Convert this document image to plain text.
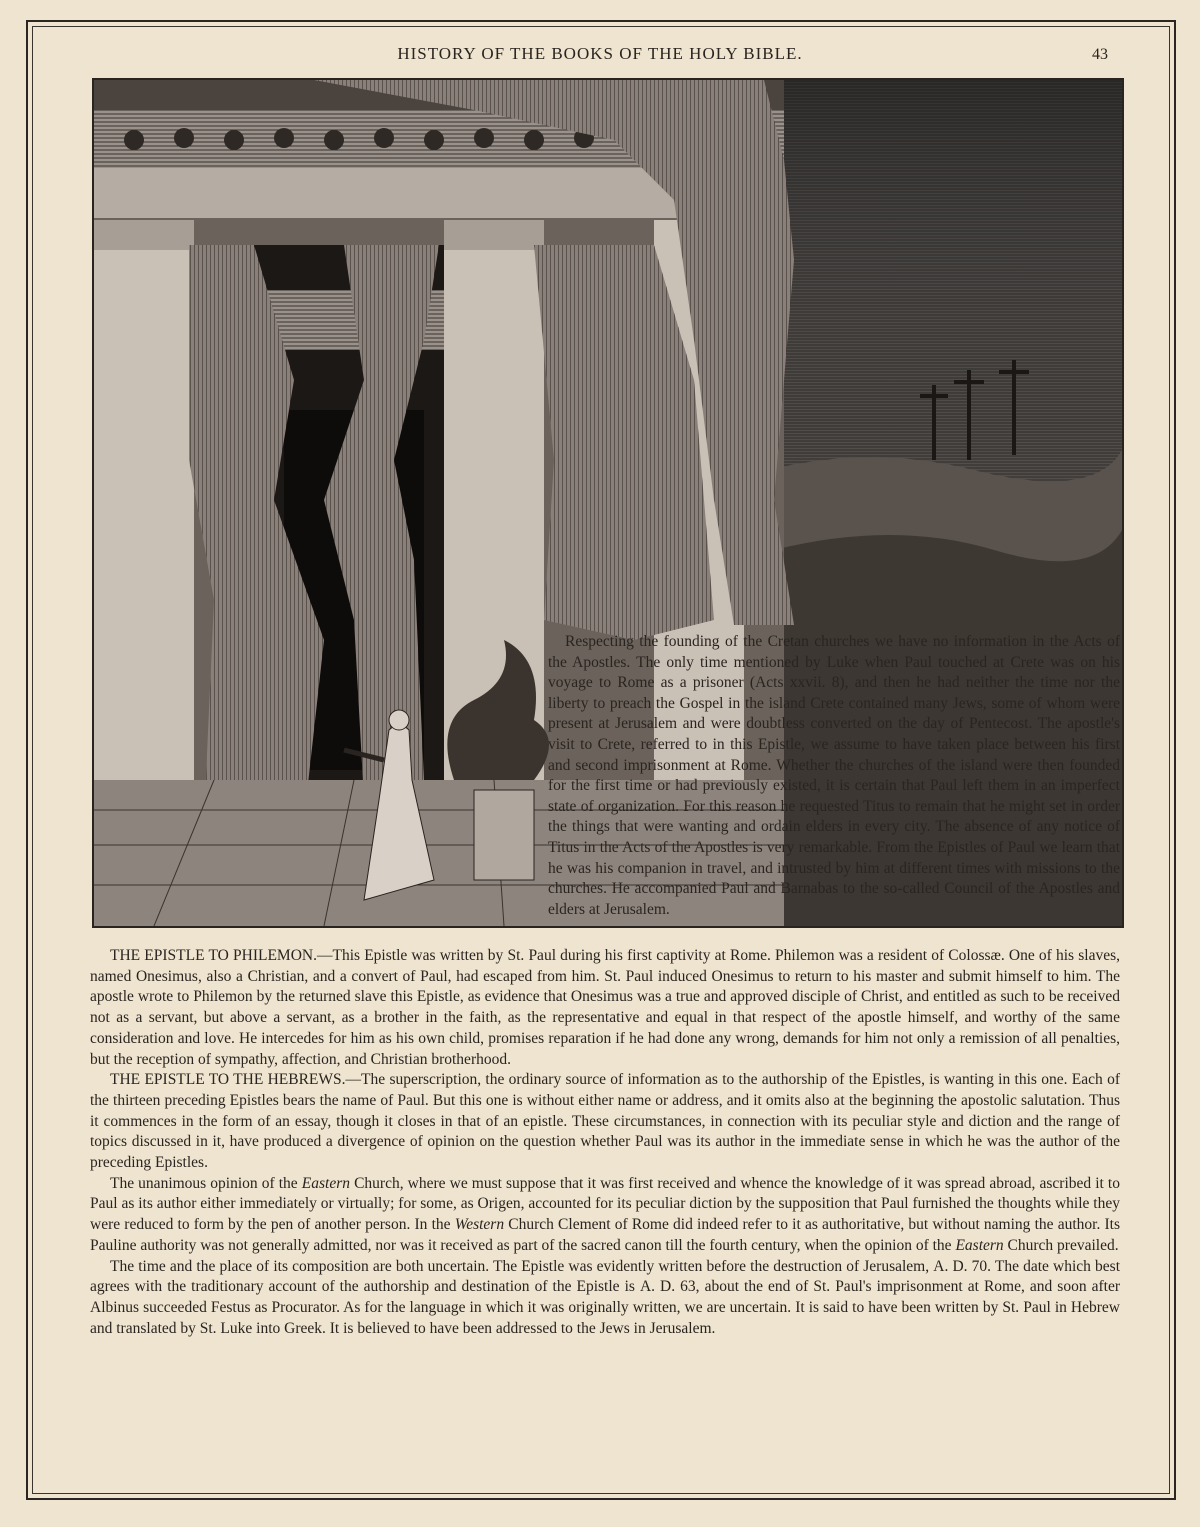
HISTORY OF THE BOOKS OF THE HOLY BIBLE.	43

Respecting the founding of the Cretan churches we have no information in the Acts of the Apostles. The only time mentioned by Luke when Paul touched at Crete was on his voyage to Rome as a prisoner (Acts xxvii. 8), and then he had neither the time nor the liberty to preach the Gospel in the island Crete contained many Jews, some of whom were present at Jerusalem and were doubtless converted on the day of Pentecost. The apostle's visit to Crete, referred to in this Epistle, we assume to have taken place between his first and second imprisonment at Rome. Whether the churches of the island were then founded for the first time or had previously existed, it is certain that Paul left them in an imperfect state of organization. For this reason he requested Titus to remain that he might set in order the things that were wanting and ordain elders in every city. The absence of any notice of Titus in the Acts of the Apostles is very remarkable. From the Epistles of Paul we learn that he was his companion in travel, and intrusted by him at different times with missions to the churches. He accompanied Paul and Barnabas to the so-called Council of the Apostles and elders at Jerusalem.

THE EPISTLE TO PHILEMON.—This Epistle was written by St. Paul during his first captivity at Rome. Philemon was a resident of Colossæ. One of his slaves, named Onesimus, also a Christian, and a convert of Paul, had escaped from him. St. Paul induced Onesimus to return to his master and submit himself to him. The apostle wrote to Philemon by the returned slave this Epistle, as evidence that Onesimus was a true and approved disciple of Christ, and entitled as such to be received not as a servant, but above a servant, as a brother in the faith, as the representative and equal in that respect of the apostle himself, and worthy of the same consideration and love. He intercedes for him as his own child, promises reparation if he had done any wrong, demands for him not only a remission of all penalties, but the reception of sympathy, affection, and Christian brotherhood.

THE EPISTLE TO THE HEBREWS.—The superscription, the ordinary source of information as to the authorship of the Epistles, is wanting in this one. Each of the thirteen preceding Epistles bears the name of Paul. But this one is without either name or address, and it omits also at the beginning the apostolic salutation. Thus it commences in the form of an essay, though it closes in that of an epistle. These circumstances, in connection with its peculiar style and diction and the range of topics discussed in it, have produced a divergence of opinion on the question whether Paul was its author in the immediate sense in which he was the author of the preceding Epistles.

The unanimous opinion of the Eastern Church, where we must suppose that it was first received and whence the knowledge of it was spread abroad, ascribed it to Paul as its author either immediately or virtually; for some, as Origen, accounted for its peculiar diction by the supposition that Paul furnished the thoughts while they were reduced to form by the pen of another person. In the Western Church Clement of Rome did indeed refer to it as authoritative, but without naming the author. Its Pauline authority was not generally admitted, nor was it received as part of the sacred canon till the fourth century, when the opinion of the Eastern Church prevailed.

The time and the place of its composition are both uncertain. The Epistle was evidently written before the destruction of Jerusalem, A. D. 70. The date which best agrees with the traditionary account of the authorship and destination of the Epistle is A. D. 63, about the end of St. Paul's imprisonment at Rome, and soon after Albinus succeeded Festus as Procurator. As for the language in which it was originally written, we are uncertain. It is said to have been written by St. Paul in Hebrew and translated by St. Luke into Greek. It is believed to have been addressed to the Jews in Jerusalem.
